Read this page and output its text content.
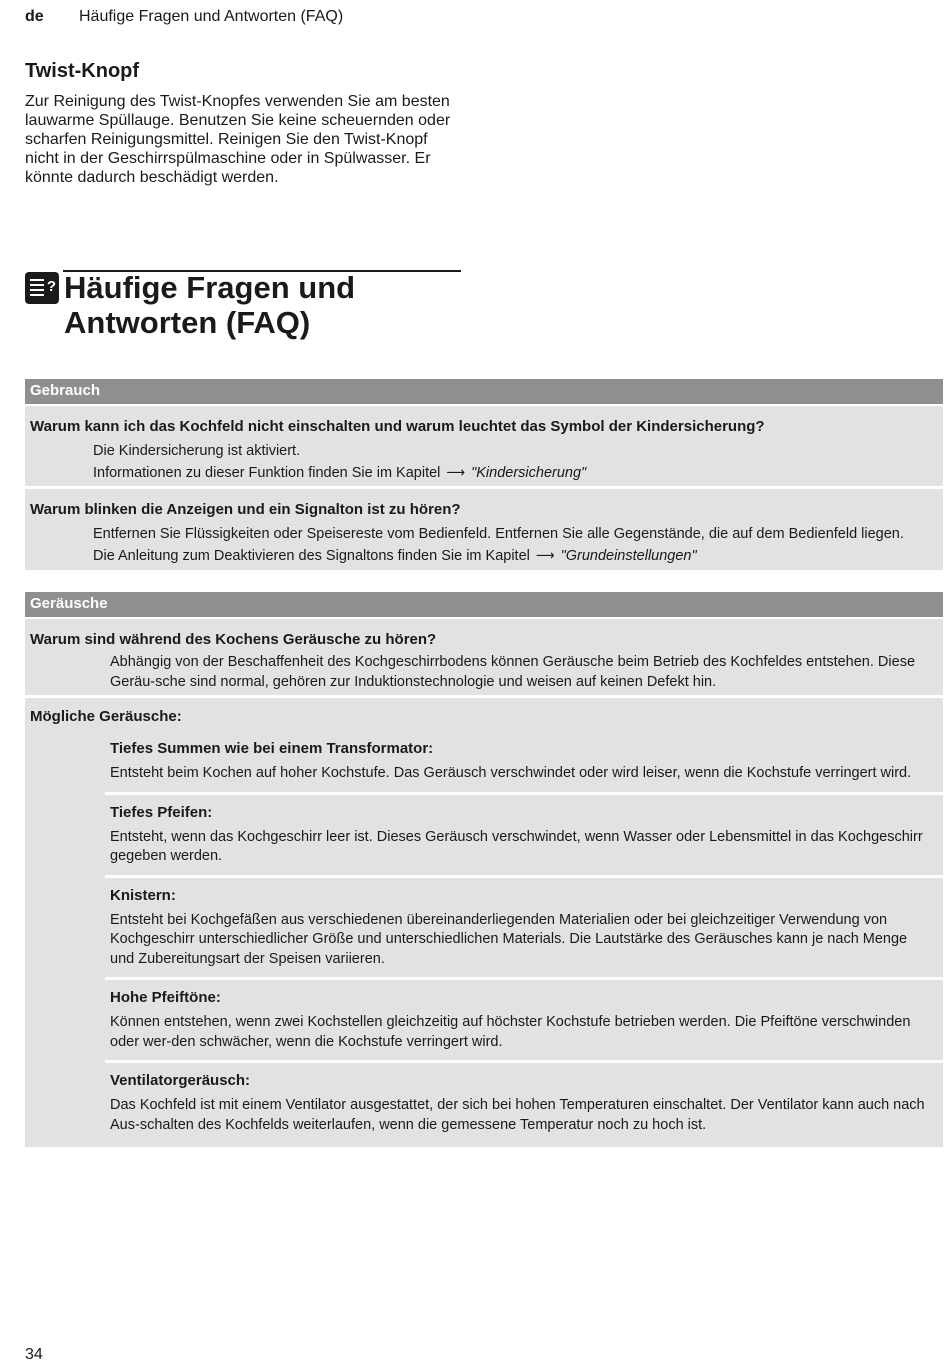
de Häufige Fragen und Antworten (FAQ)
Twist-Knopf

Zur Reinigung des Twist-Knopfes verwenden Sie am besten lauwarme Spüllauge. Benutzen Sie keine scheuernden oder scharfen Reinigungsmittel. Reinigen Sie den Twist-Knopf nicht in der Geschirrspülmaschine oder in Spülwasser. Er könnte dadurch beschädigt werden.

? Häufige Fragen und
Antworten (FAQ)
Gebrauch
Warum kann ich das Kochfeld nicht einschalten und warum leuchtet das Symbol der Kindersicherung?
Die Kindersicherung ist aktiviert.
Informationen zu dieser Funktion finden Sie im Kapitel ⟶ "Kindersicherung"
Warum blinken die Anzeigen und ein Signalton ist zu hören?
Entfernen Sie Flüssigkeiten oder Speisereste vom Bedienfeld. Entfernen Sie alle Gegenstände, die auf dem Bedienfeld liegen.
Die Anleitung zum Deaktivieren des Signaltons finden Sie im Kapitel ⟶ "Grundeinstellungen"
Geräusche
Warum sind während des Kochens Geräusche zu hören?
Abhängig von der Beschaffenheit des Kochgeschirrbodens können Geräusche beim Betrieb des Kochfeldes entstehen. Diese Geräu-sche sind normal, gehören zur Induktionstechnologie und weisen auf keinen Defekt hin.
Mögliche Geräusche:
Tiefes Summen wie bei einem Transformator:
Entsteht beim Kochen auf hoher Kochstufe. Das Geräusch verschwindet oder wird leiser, wenn die Kochstufe verringert wird.
Tiefes Pfeifen:
Entsteht, wenn das Kochgeschirr leer ist. Dieses Geräusch verschwindet, wenn Wasser oder Lebensmittel in das Kochgeschirr gegeben werden.
Knistern:
Entsteht bei Kochgefäßen aus verschiedenen übereinanderliegenden Materialien oder bei gleichzeitiger Verwendung von Kochgeschirr unterschiedlicher Größe und unterschiedlichen Materials. Die Lautstärke des Geräusches kann je nach Menge und Zubereitungsart der Speisen variieren.
Hohe Pfeiftöne:
Können entstehen, wenn zwei Kochstellen gleichzeitig auf höchster Kochstufe betrieben werden. Die Pfeiftöne verschwinden oder wer-den schwächer, wenn die Kochstufe verringert wird.
Ventilatorgeräusch:
Das Kochfeld ist mit einem Ventilator ausgestattet, der sich bei hohen Temperaturen einschaltet. Der Ventilator kann auch nach Aus-schalten des Kochfelds weiterlaufen, wenn die gemessene Temperatur noch zu hoch ist.
34
